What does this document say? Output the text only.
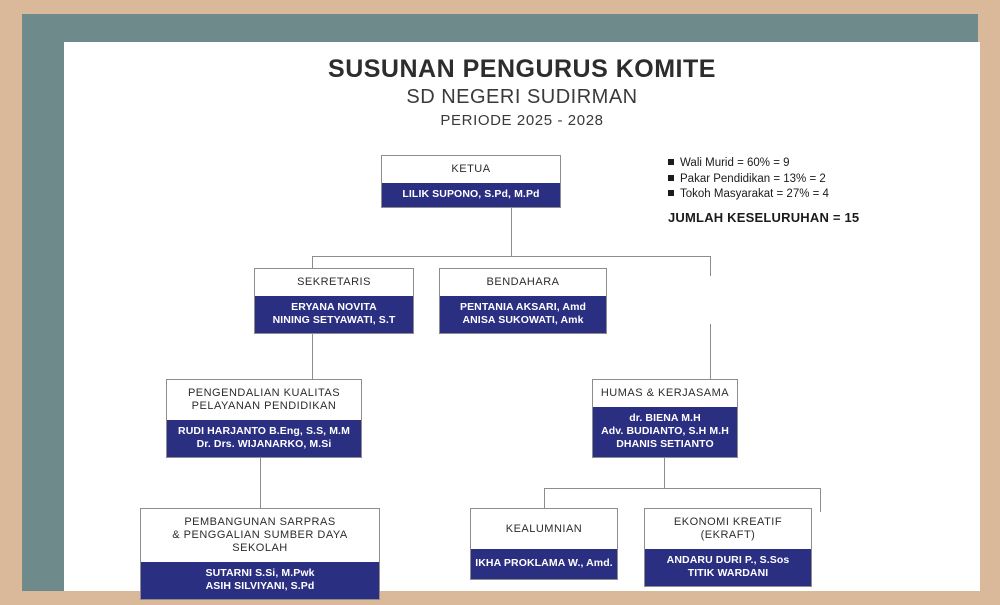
SUSUNAN PENGURUS KOMITE
SD NEGERI SUDIRMAN
PERIODE 2025 - 2028
Wali Murid = 60% = 9
Pakar Pendidikan = 13% = 2
Tokoh Masyarakat = 27% = 4
JUMLAH KESELURUHAN = 15
KETUA
LILIK SUPONO, S.Pd, M.Pd
SEKRETARIS
ERYANA NOVITA
NINING SETYAWATI, S.T
BENDAHARA
PENTANIA AKSARI, Amd
ANISA SUKOWATI, Amk
PENGENDALIAN KUALITAS
PELAYANAN PENDIDIKAN
RUDI HARJANTO B.Eng, S.S, M.M
Dr. Drs. WIJANARKO, M.Si
HUMAS & KERJASAMA
dr. BIENA M.H
Adv. BUDIANTO, S.H M.H
DHANIS SETIANTO
PEMBANGUNAN SARPRAS
& PENGGALIAN SUMBER DAYA SEKOLAH
SUTARNI S.Si, M.Pwk
ASIH SILVIYANI, S.Pd
KEALUMNIAN
IKHA PROKLAMA W., Amd.
EKONOMI KREATIF
(EKRAFT)
ANDARU DURI P., S.Sos
TITIK WARDANI
